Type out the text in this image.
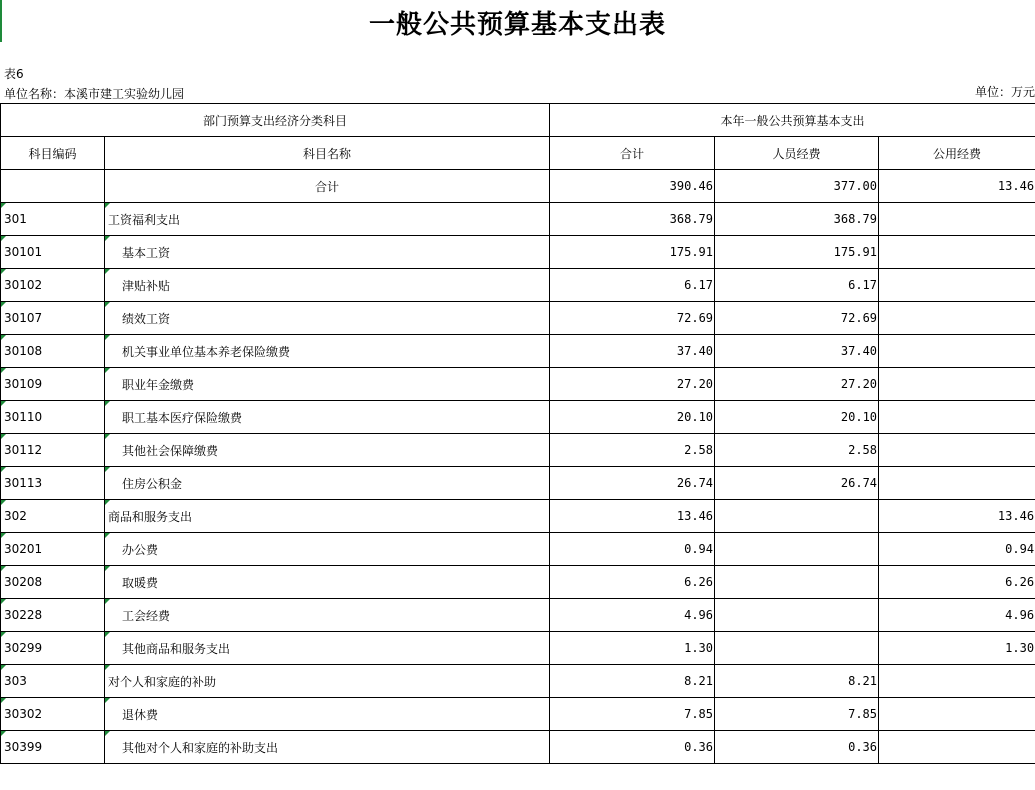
一般公共预算基本支出表
表6
单位名称：本溪市建工实验幼儿园	单位：万元
部门预算支出经济分类科目		本年一般公共预算基本支出		
科目编码	科目名称	合计	人员经费	公用经费
	合计	390.46	377.00	13.46
301	工资福利支出	368.79	368.79	
30101	基本工资	175.91	175.91	
30102	津贴补贴	6.17	6.17	
30107	绩效工资	72.69	72.69	
30108	机关事业单位基本养老保险缴费	37.40	37.40	
30109	职业年金缴费	27.20	27.20	
30110	职工基本医疗保险缴费	20.10	20.10	
30112	其他社会保障缴费	2.58	2.58	
30113	住房公积金	26.74	26.74	
302	商品和服务支出	13.46		13.46
30201	办公费	0.94		0.94
30208	取暖费	6.26		6.26
30228	工会经费	4.96		4.96
30299	其他商品和服务支出	1.30		1.30
303	对个人和家庭的补助	8.21	8.21	
30302	退休费	7.85	7.85	
30399	其他对个人和家庭的补助支出	0.36	0.36	
